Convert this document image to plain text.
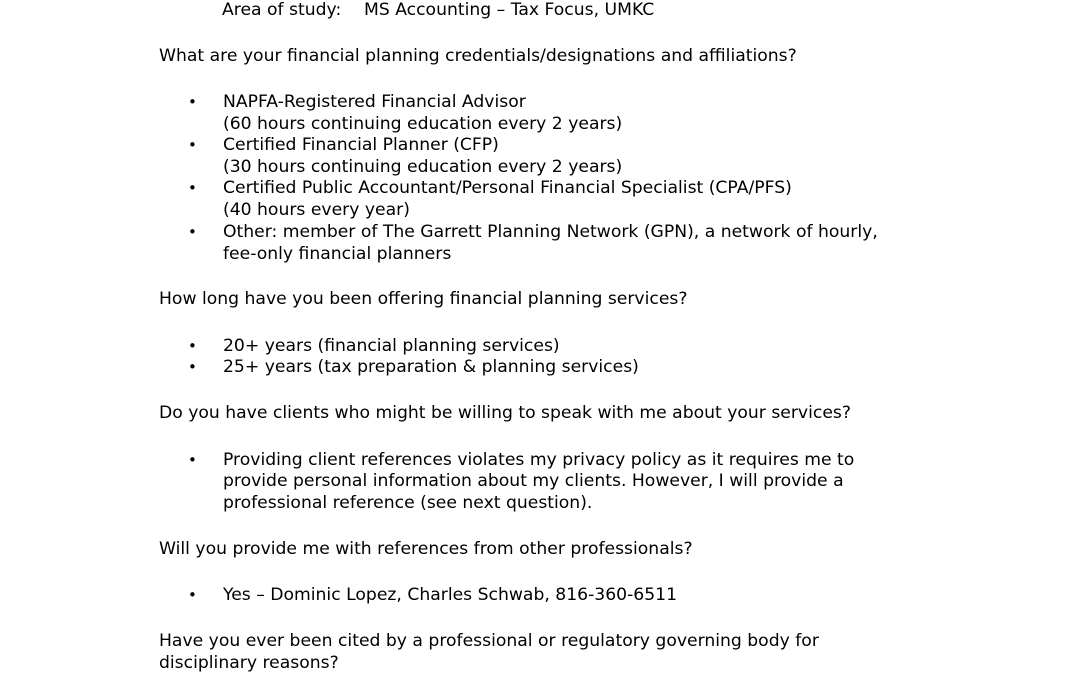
Area of study: MS Accounting – Tax Focus, UMKC
What are your financial planning credentials/designations and affiliations?
• NAPFA-Registered Financial Advisor
(60 hours continuing education every 2 years)
• Certified Financial Planner (CFP)
(30 hours continuing education every 2 years)
• Certified Public Accountant/Personal Financial Specialist (CPA/PFS)
(40 hours every year)
• Other: member of The Garrett Planning Network (GPN), a network of hourly,
fee-only financial planners
How long have you been offering financial planning services?
• 20+ years (financial planning services)
• 25+ years (tax preparation & planning services)
Do you have clients who might be willing to speak with me about your services?
• Providing client references violates my privacy policy as it requires me to
provide personal information about my clients. However, I will provide a
professional reference (see next question).
Will you provide me with references from other professionals?
• Yes – Dominic Lopez, Charles Schwab, 816-360-6511
Have you ever been cited by a professional or regulatory governing body for
disciplinary reasons?
